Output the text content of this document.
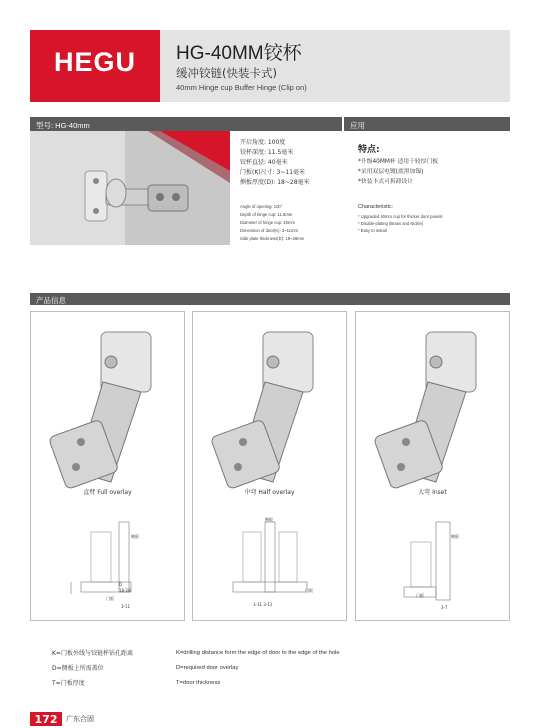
HEGU	HG-40MM铰杯
缓冲铰链(快装卡式)
40mm Hinge cup Buffer Hinge (Clip on)
型号: HG-40mm	应用
开启角度: 100度
铰杯深度: 11.5毫米
铰杯直径: 40毫米
门板(K)尺寸: 3~11毫米
侧板厚度(D): 18~28毫米
Angle of opening: 100°
Depth of hinge cup: 11.5mm
Diameter of hinge cup: 40mm
Dimension of door(K): 3~11mm
Side plate thickness(D): 18~28mm
特点:
*升级40MM杯 适用于较厚门板
*采用双层电镀(底黑加镍)
*快装卡式可拆卸设计
Characteristic:
* Upgraded 40mm cup for thicker door panels
* Double-plating (Brass and Nickle)
* Easy to install
产品信息
直臂 Full overlay
侧板
D
18-28
门板
3-11
中弯 Half overlay
侧板
门板
3-11 3-11
大弯 Inset
侧板
门板
3-7
K=门板外线与铰链杯钻孔距离
D=侧板上所需盖位
T=门板厚度
K=drilling distance form the edge of door to the edge of the hole
D=required door overlay
T=door thickness
172	广东合固
